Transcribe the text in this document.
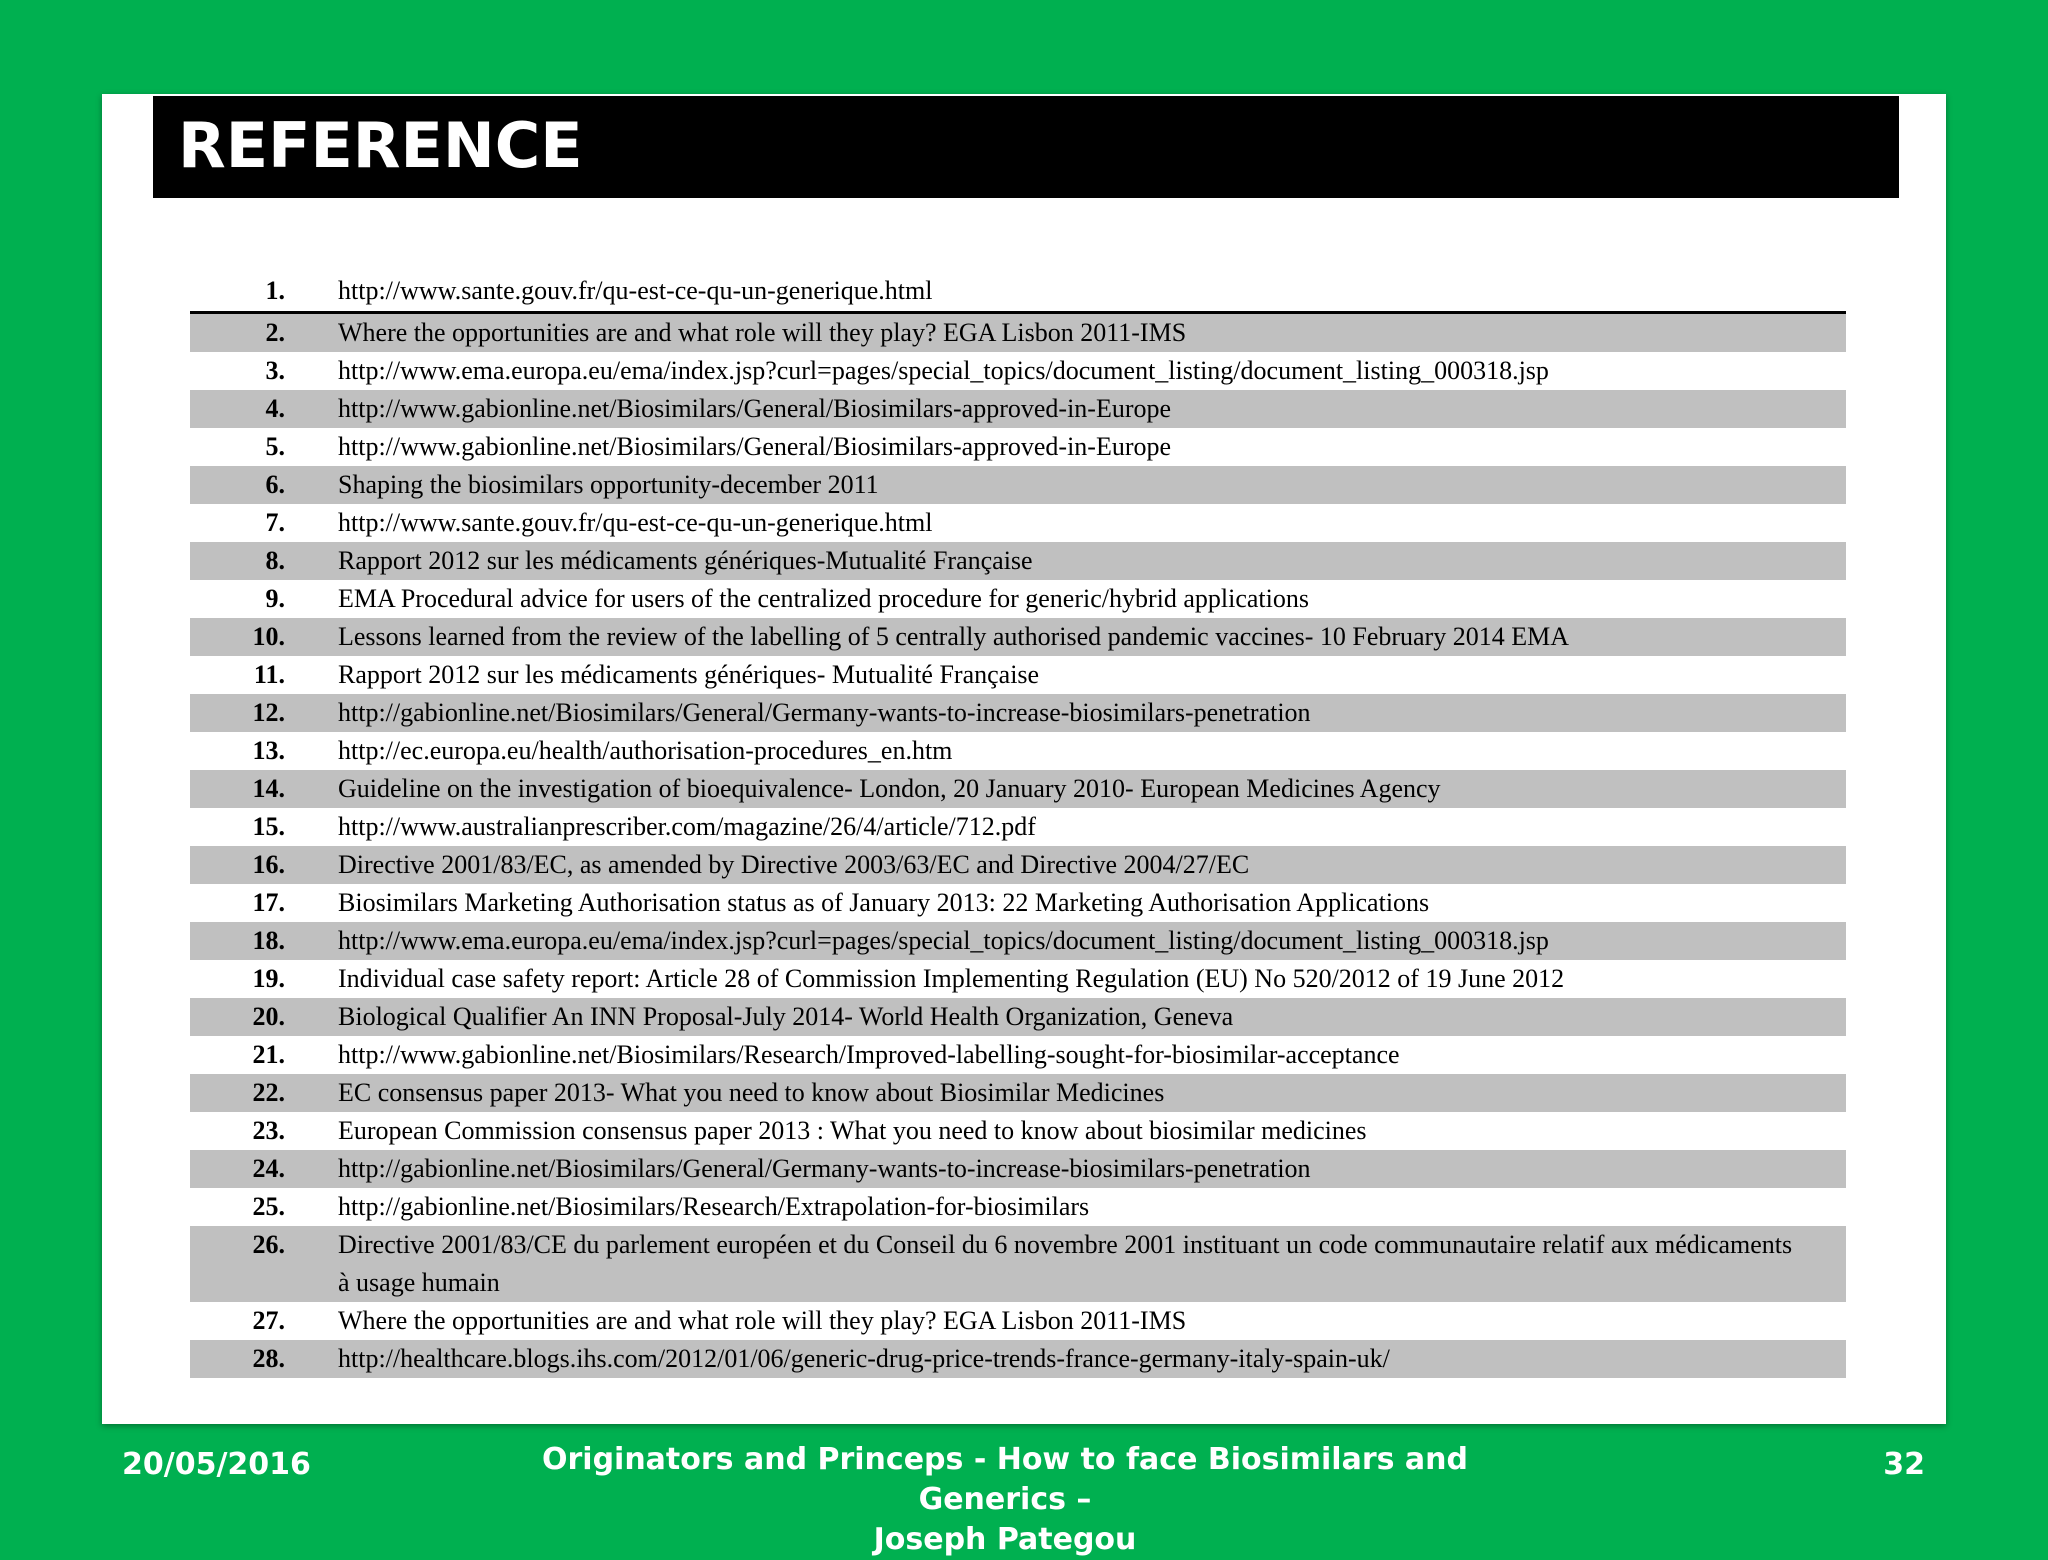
REFERENCE
1.	http://www.sante.gouv.fr/qu-est-ce-qu-un-generique.html
2.	Where the opportunities are and what role will they play? EGA Lisbon 2011-IMS
3.	http://www.ema.europa.eu/ema/index.jsp?curl=pages/special_topics/document_listing/document_listing_000318.jsp
4.	http://www.gabionline.net/Biosimilars/General/Biosimilars-approved-in-Europe
5.	http://www.gabionline.net/Biosimilars/General/Biosimilars-approved-in-Europe
6.	Shaping the biosimilars opportunity-december 2011
7.	http://www.sante.gouv.fr/qu-est-ce-qu-un-generique.html
8.	Rapport 2012 sur les médicaments génériques-Mutualité Française
9.	EMA Procedural advice for users of the centralized procedure for generic/hybrid applications
10.	Lessons learned from the review of the labelling of 5 centrally authorised pandemic vaccines- 10 February 2014 EMA
11.	Rapport 2012 sur les médicaments génériques- Mutualité Française
12.	http://gabionline.net/Biosimilars/General/Germany-wants-to-increase-biosimilars-penetration
13.	http://ec.europa.eu/health/authorisation-procedures_en.htm
14.	Guideline on the investigation of bioequivalence- London, 20 January 2010- European Medicines Agency
15.	http://www.australianprescriber.com/magazine/26/4/article/712.pdf
16.	Directive 2001/83/EC, as amended by Directive 2003/63/EC and Directive 2004/27/EC
17.	Biosimilars Marketing Authorisation status as of January 2013: 22 Marketing Authorisation Applications
18.	http://www.ema.europa.eu/ema/index.jsp?curl=pages/special_topics/document_listing/document_listing_000318.jsp
19.	Individual case safety report: Article 28 of Commission Implementing Regulation (EU) No 520/2012 of 19 June 2012
20.	Biological Qualifier An INN Proposal-July 2014- World Health Organization, Geneva
21.	http://www.gabionline.net/Biosimilars/Research/Improved-labelling-sought-for-biosimilar-acceptance
22.	EC consensus paper 2013- What you need to know about Biosimilar Medicines
23.	European Commission consensus paper 2013 : What you need to know about biosimilar medicines
24.	http://gabionline.net/Biosimilars/General/Germany-wants-to-increase-biosimilars-penetration
25.	http://gabionline.net/Biosimilars/Research/Extrapolation-for-biosimilars
26.	Directive 2001/83/CE du parlement européen et du Conseil du 6 novembre 2001 instituant un code communautaire relatif aux médicaments à usage humain
27.	Where the opportunities are and what role will they play? EGA Lisbon 2011-IMS
28.	http://healthcare.blogs.ihs.com/2012/01/06/generic-drug-price-trends-france-germany-italy-spain-uk/
20/05/2016	Originators and Princeps - How to face Biosimilars and Generics –
Joseph Pategou
32
